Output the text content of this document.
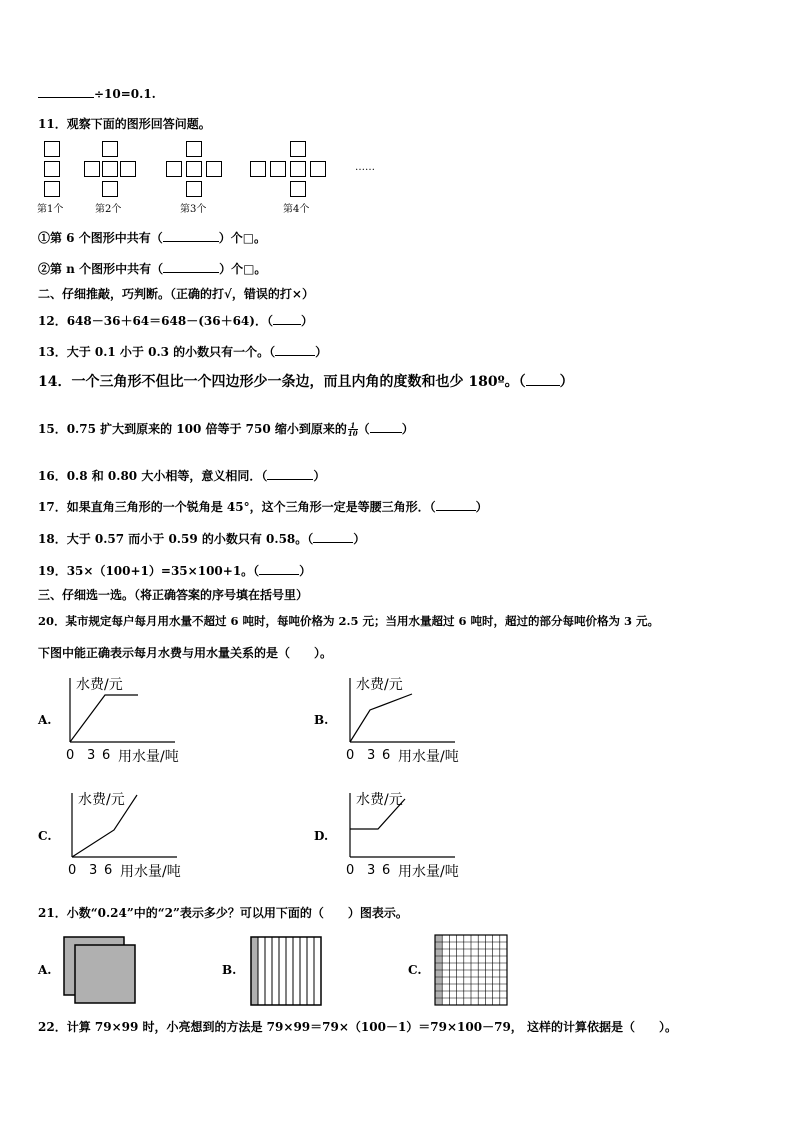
÷10=0.1.
11．观察下面的图形回答问题。
第1个	第2个	第3个	第4个
……
①第 6 个图形中共有（	）个□。
②第 n 个图形中共有（	）个□。
二、仔细推敲，巧判断。（正确的打√，错误的打×）
12．648－36＋64＝648－(36＋64)．（ ）
13．大于 0.1 小于 0.3 的小数只有一个。（	）
14．一个三角形不但比一个四边形少一条边，而且内角的度数和也少 180º。（ ）
15．0.75 扩大到原来的 100 倍等于 750 缩小到原来的 $\frac{1}{10}$ （	）
16．0.8 和 0.80 大小相等，意义相同．（	）
17．如果直角三角形的一个锐角是 45°，这个三角形一定是等腰三角形．（	）
18．大于 0.57 而小于 0.59 的小数只有 0.58。（	）
19．35×（100+1）=35×100+1。（	）
三、仔细选一选。（将正确答案的序号填在括号里）
20．某市规定每户每月用水量不超过 6 吨时，每吨价格为 2.5 元；当用水量超过 6 吨时，超过的部分每吨价格为 3 元。
下图中能正确表示每月水费与用水量关系的是（　　）。
A.	B.
C.	D.
水费/元
0 3 6 用水量/吨
水费/元
0 3 6 用水量/吨
水费/元
0 3 6 用水量/吨
水费/元
0 3 6 用水量/吨
21．小数“0.24”中的“2”表示多少？可以用下面的（　　）图表示。
A.	B.	C.
22．计算 79×99 时，小亮想到的方法是 79×99＝79×（100－1）＝79×100－79， 这样的计算依据是（　　）。
